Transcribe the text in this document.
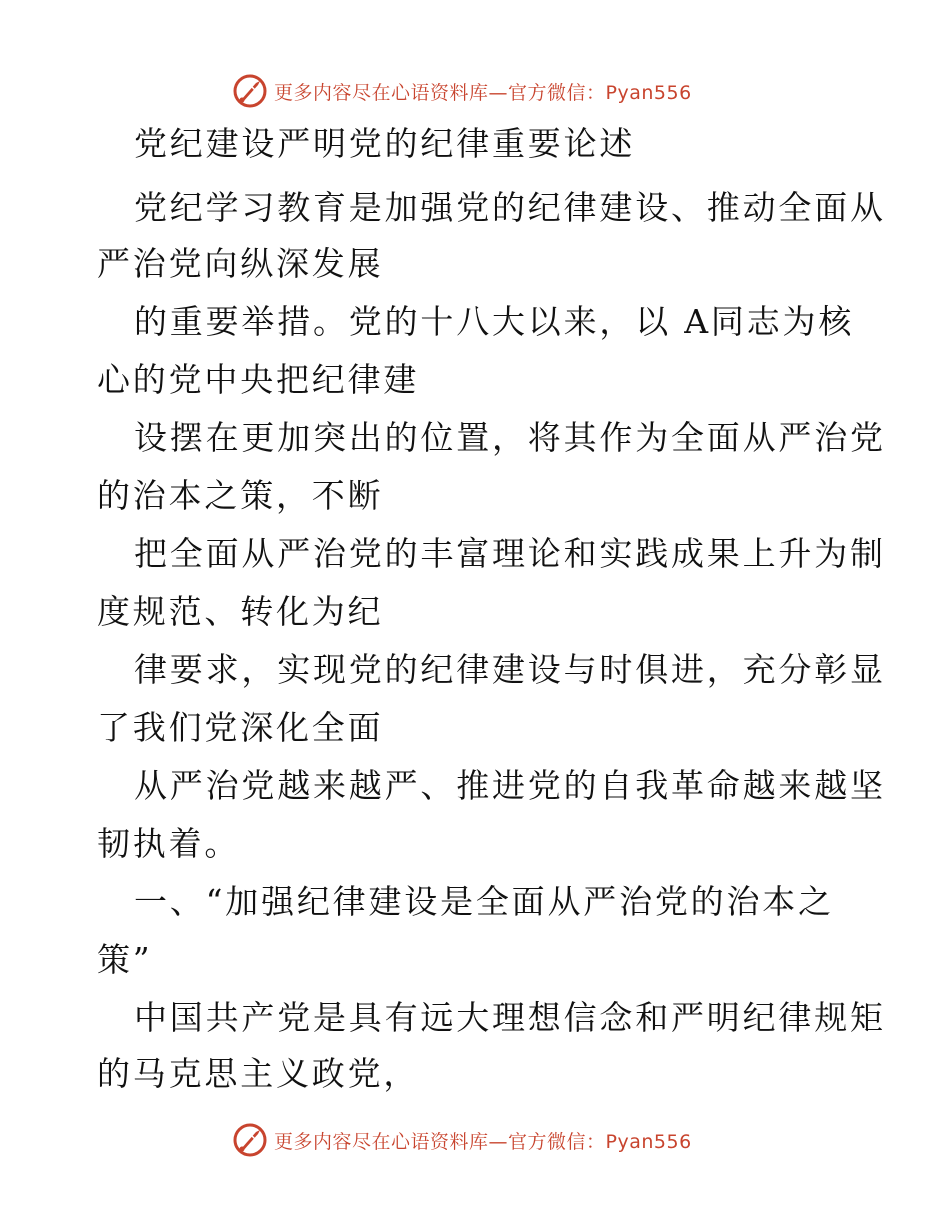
更多内容尽在心语资料库—官方微信：Pyan556
党纪建设严明党的纪律重要论述
党纪学习教育是加强党的纪律建设、推动全面从
严治党向纵深发展
的重要举措。党的十八大以来，以 A同志为核
心的党中央把纪律建
设摆在更加突出的位置，将其作为全面从严治党
的治本之策，不断
把全面从严治党的丰富理论和实践成果上升为制
度规范、转化为纪
律要求，实现党的纪律建设与时俱进，充分彰显
了我们党深化全面
从严治党越来越严、推进党的自我革命越来越坚
韧执着。
一、“加强纪律建设是全面从严治党的治本之
策”
中国共产党是具有远大理想信念和严明纪律规矩
的马克思主义政党，
更多内容尽在心语资料库—官方微信：Pyan556
